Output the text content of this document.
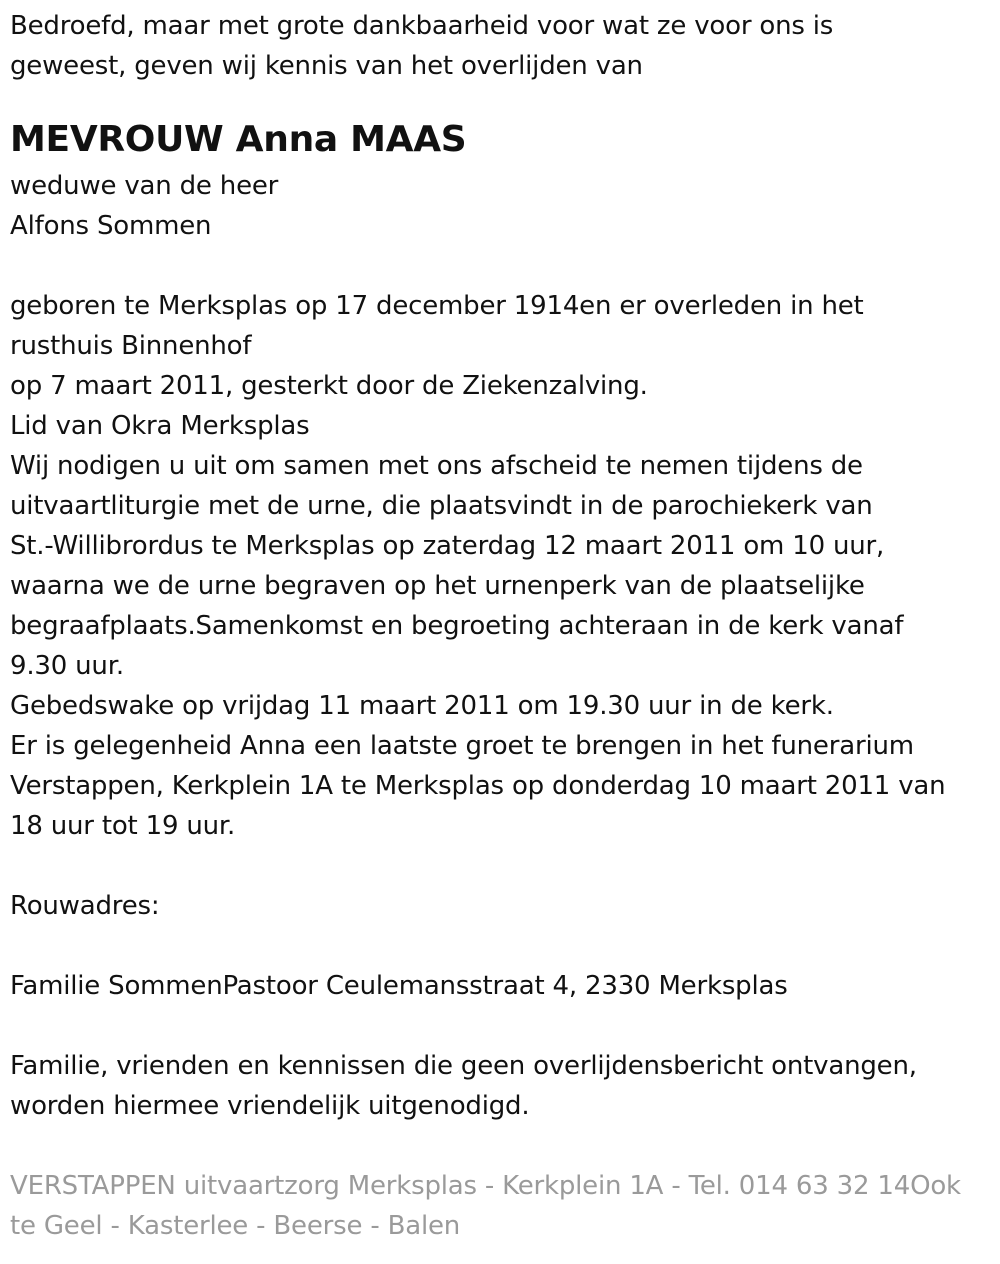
Bedroefd, maar met grote dankbaarheid voor wat ze voor ons is
geweest, geven wij kennis van het overlijden van
MEVROUW Anna MAAS
weduwe van de heer
Alfons Sommen
geboren te Merksplas op 17 december 1914en er overleden in het
rusthuis Binnenhof
op 7 maart 2011, gesterkt door de Ziekenzalving.
Lid van Okra Merksplas
Wij nodigen u uit om samen met ons afscheid te nemen tijdens de
uitvaartliturgie met de urne, die plaatsvindt in de parochiekerk van
St.-Willibrordus te Merksplas op zaterdag 12 maart 2011 om 10 uur,
waarna we de urne begraven op het urnenperk van de plaatselijke
begraafplaats.Samenkomst en begroeting achteraan in de kerk vanaf
9.30 uur.
Gebedswake op vrijdag 11 maart 2011 om 19.30 uur in de kerk.
Er is gelegenheid Anna een laatste groet te brengen in het funerarium
Verstappen, Kerkplein 1A te Merksplas op donderdag 10 maart 2011 van
18 uur tot 19 uur.
Rouwadres:
Familie SommenPastoor Ceulemansstraat 4, 2330 Merksplas
Familie, vrienden en kennissen die geen overlijdensbericht ontvangen,
worden hiermee vriendelijk uitgenodigd.
VERSTAPPEN uitvaartzorg Merksplas - Kerkplein 1A - Tel. 014 63 32 14Ook
te Geel - Kasterlee - Beerse - Balen
